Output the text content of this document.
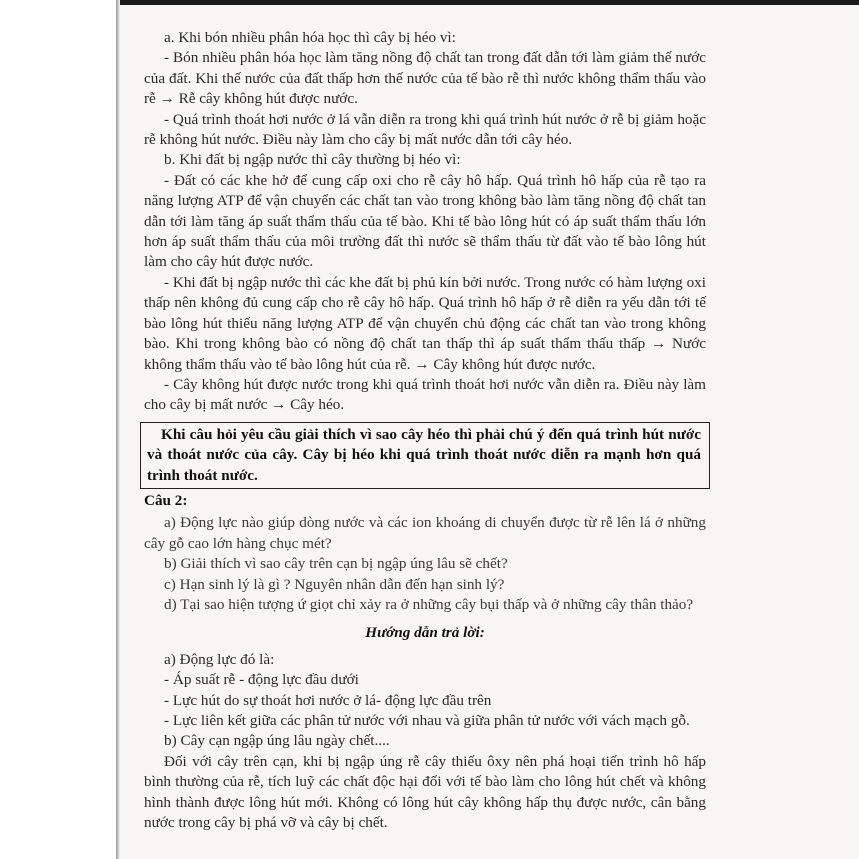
a. Khi bón nhiều phân hóa học thì cây bị héo vì:

- Bón nhiều phân hóa học làm tăng nồng độ chất tan trong đất dẫn tới làm giảm thế nước của đất. Khi thế nước của đất thấp hơn thế nước của tế bào rễ thì nước không thẩm thấu vào rễ → Rễ cây không hút được nước.

- Quá trình thoát hơi nước ở lá vẫn diễn ra trong khi quá trình hút nước ở rễ bị giảm hoặc rễ không hút nước. Điều này làm cho cây bị mất nước dẫn tới cây héo.

b. Khi đất bị ngập nước thì cây thường bị héo vì:

- Đất có các khe hở để cung cấp oxi cho rễ cây hô hấp. Quá trình hô hấp của rễ tạo ra năng lượng ATP để vận chuyển các chất tan vào trong không bào làm tăng nồng độ chất tan dẫn tới làm tăng áp suất thẩm thấu của tế bào. Khi tế bào lông hút có áp suất thẩm thấu lớn hơn áp suất thẩm thấu của môi trường đất thì nước sẽ thẩm thấu từ đất vào tế bào lông hút làm cho cây hút được nước.

- Khi đất bị ngập nước thì các khe đất bị phủ kín bởi nước. Trong nước có hàm lượng oxi thấp nên không đủ cung cấp cho rễ cây hô hấp. Quá trình hô hấp ở rễ diễn ra yếu dẫn tới tế bào lông hút thiếu năng lượng ATP để vận chuyển chủ động các chất tan vào trong không bào. Khi trong không bào có nồng độ chất tan thấp thì áp suất thẩm thấu thấp → Nước không thẩm thấu vào tế bào lông hút của rễ. → Cây không hút được nước.

- Cây không hút được nước trong khi quá trình thoát hơi nước vẫn diễn ra. Điều này làm cho cây bị mất nước → Cây héo.

Khi câu hỏi yêu cầu giải thích vì sao cây héo thì phải chú ý đến quá trình hút nước và thoát nước của cây. Cây bị héo khi quá trình thoát nước diễn ra mạnh hơn quá trình thoát nước.

Câu 2:

a) Động lực nào giúp dòng nước và các ion khoáng di chuyển được từ rễ lên lá ở những cây gỗ cao lớn hàng chục mét?

b) Giải thích vì sao cây trên cạn bị ngập úng lâu sẽ chết?

c) Hạn sinh lý là gì ? Nguyên nhân dẫn đến hạn sinh lý?

d) Tại sao hiện tượng ứ giọt chỉ xảy ra ở những cây bụi thấp và ở những cây thân thảo?

Hướng dẫn trả lời:

a) Động lực đó là:

- Áp suất rễ - động lực đầu dưới

- Lực hút do sự thoát hơi nước ở lá- động lực đầu trên

- Lực liên kết giữa các phân tử nước với nhau và giữa phân tử nước với vách mạch gỗ.

b) Cây cạn ngập úng lâu ngày chết....

Đối với cây trên cạn, khi bị ngập úng rễ cây thiếu ôxy nên phá hoại tiến trình hô hấp bình thường của rễ, tích luỹ các chất độc hại đối với tế bào làm cho lông hút chết và không hình thành được lông hút mới. Không có lông hút cây không hấp thụ được nước, cân bằng nước trong cây bị phá vỡ và cây bị chết.
